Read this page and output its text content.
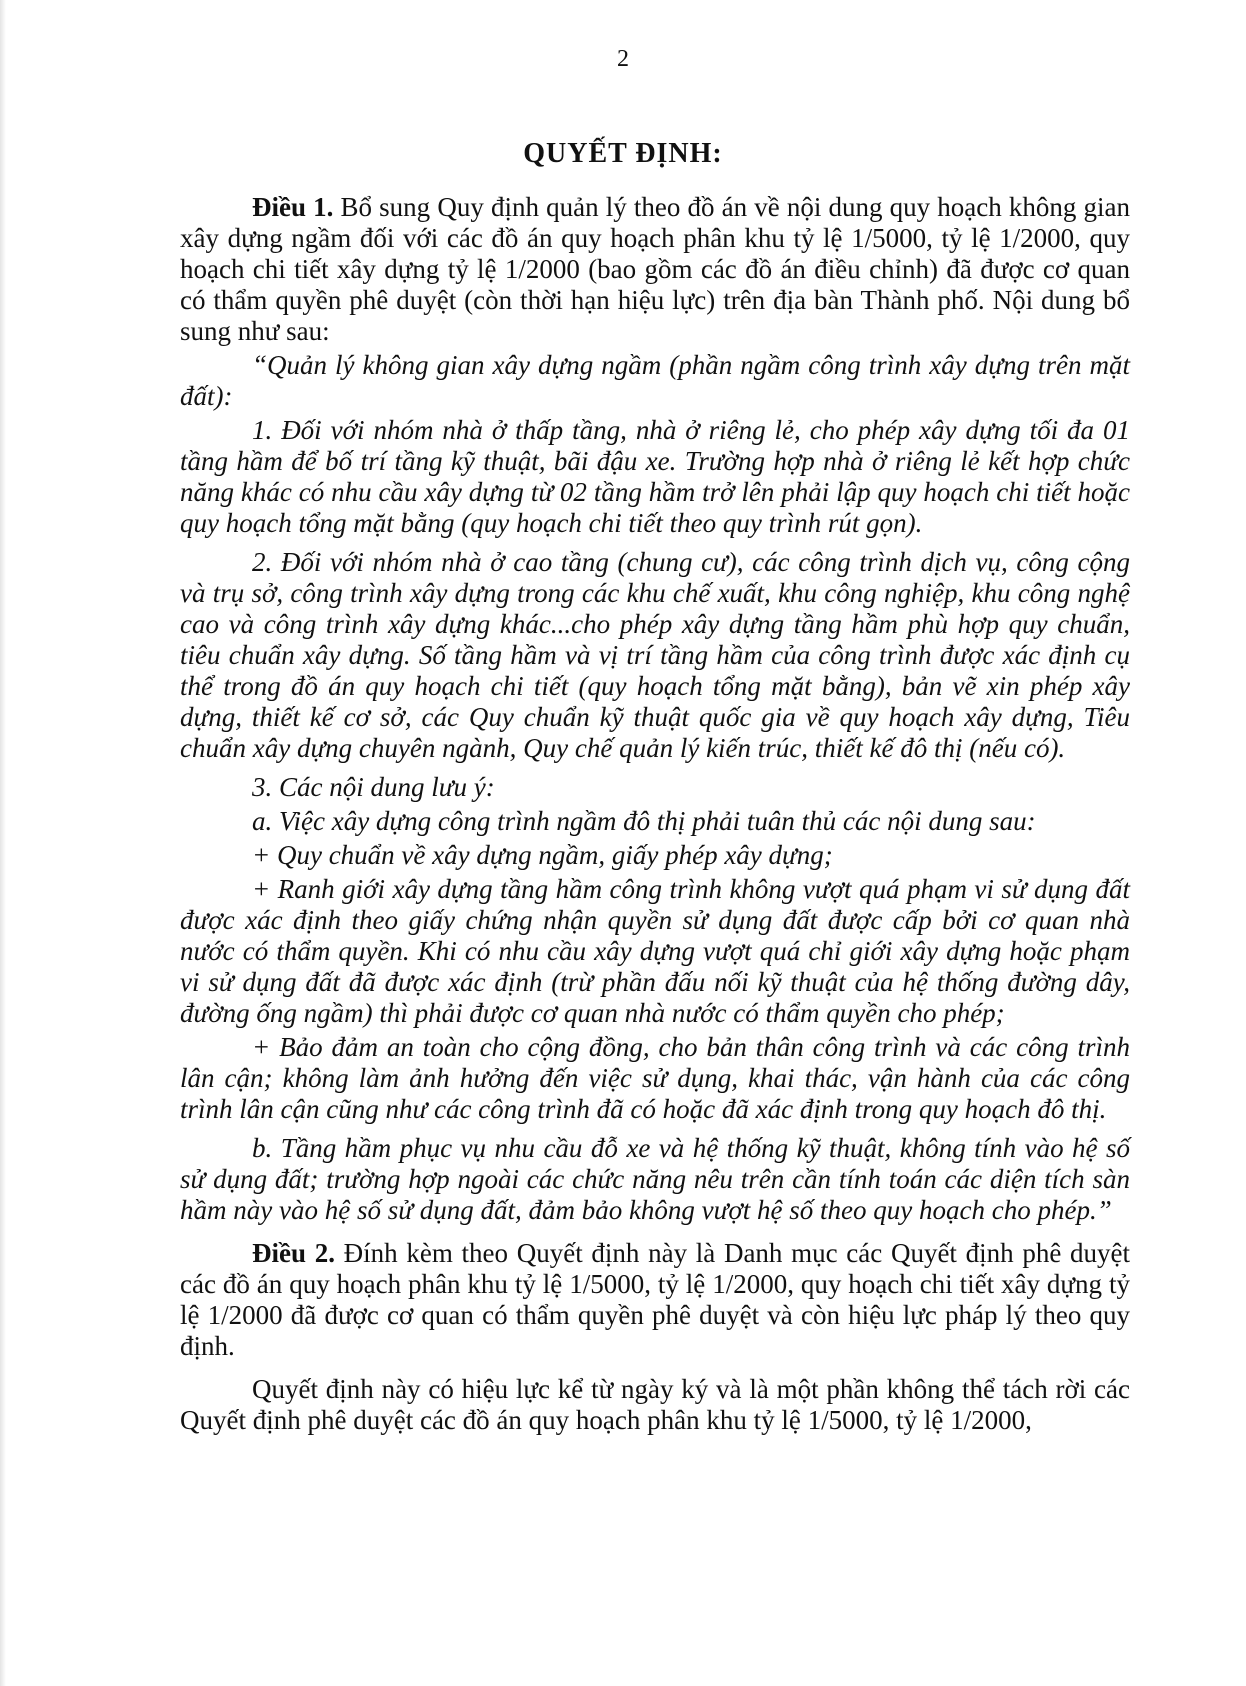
2
QUYẾT ĐỊNH:

Điều 1. Bổ sung Quy định quản lý theo đồ án về nội dung quy hoạch không gian xây dựng ngầm đối với các đồ án quy hoạch phân khu tỷ lệ 1/5000, tỷ lệ 1/2000, quy hoạch chi tiết xây dựng tỷ lệ 1/2000 (bao gồm các đồ án điều chỉnh) đã được cơ quan có thẩm quyền phê duyệt (còn thời hạn hiệu lực) trên địa bàn Thành phố. Nội dung bổ sung như sau:

“Quản lý không gian xây dựng ngầm (phần ngầm công trình xây dựng trên mặt đất):

1. Đối với nhóm nhà ở thấp tầng, nhà ở riêng lẻ, cho phép xây dựng tối đa 01 tầng hầm để bố trí tầng kỹ thuật, bãi đậu xe. Trường hợp nhà ở riêng lẻ kết hợp chức năng khác có nhu cầu xây dựng từ 02 tầng hầm trở lên phải lập quy hoạch chi tiết hoặc quy hoạch tổng mặt bằng (quy hoạch chi tiết theo quy trình rút gọn).

2. Đối với nhóm nhà ở cao tầng (chung cư), các công trình dịch vụ, công cộng và trụ sở, công trình xây dựng trong các khu chế xuất, khu công nghiệp, khu công nghệ cao và công trình xây dựng khác...cho phép xây dựng tầng hầm phù hợp quy chuẩn, tiêu chuẩn xây dựng. Số tầng hầm và vị trí tầng hầm của công trình được xác định cụ thể trong đồ án quy hoạch chi tiết (quy hoạch tổng mặt bằng), bản vẽ xin phép xây dựng, thiết kế cơ sở, các Quy chuẩn kỹ thuật quốc gia về quy hoạch xây dựng, Tiêu chuẩn xây dựng chuyên ngành, Quy chế quản lý kiến trúc, thiết kế đô thị (nếu có).

3. Các nội dung lưu ý:

a. Việc xây dựng công trình ngầm đô thị phải tuân thủ các nội dung sau:

+ Quy chuẩn về xây dựng ngầm, giấy phép xây dựng;

+ Ranh giới xây dựng tầng hầm công trình không vượt quá phạm vi sử dụng đất được xác định theo giấy chứng nhận quyền sử dụng đất được cấp bởi cơ quan nhà nước có thẩm quyền. Khi có nhu cầu xây dựng vượt quá chỉ giới xây dựng hoặc phạm vi sử dụng đất đã được xác định (trừ phần đấu nối kỹ thuật của hệ thống đường dây, đường ống ngầm) thì phải được cơ quan nhà nước có thẩm quyền cho phép;

+ Bảo đảm an toàn cho cộng đồng, cho bản thân công trình và các công trình lân cận; không làm ảnh hưởng đến việc sử dụng, khai thác, vận hành của các công trình lân cận cũng như các công trình đã có hoặc đã xác định trong quy hoạch đô thị.

b. Tầng hầm phục vụ nhu cầu đỗ xe và hệ thống kỹ thuật, không tính vào hệ số sử dụng đất; trường hợp ngoài các chức năng nêu trên cần tính toán các diện tích sàn hầm này vào hệ số sử dụng đất, đảm bảo không vượt hệ số theo quy hoạch cho phép.”

Điều 2. Đính kèm theo Quyết định này là Danh mục các Quyết định phê duyệt các đồ án quy hoạch phân khu tỷ lệ 1/5000, tỷ lệ 1/2000, quy hoạch chi tiết xây dựng tỷ lệ 1/2000 đã được cơ quan có thẩm quyền phê duyệt và còn hiệu lực pháp lý theo quy định.

Quyết định này có hiệu lực kể từ ngày ký và là một phần không thể tách rời các Quyết định phê duyệt các đồ án quy hoạch phân khu tỷ lệ 1/5000, tỷ lệ 1/2000,
